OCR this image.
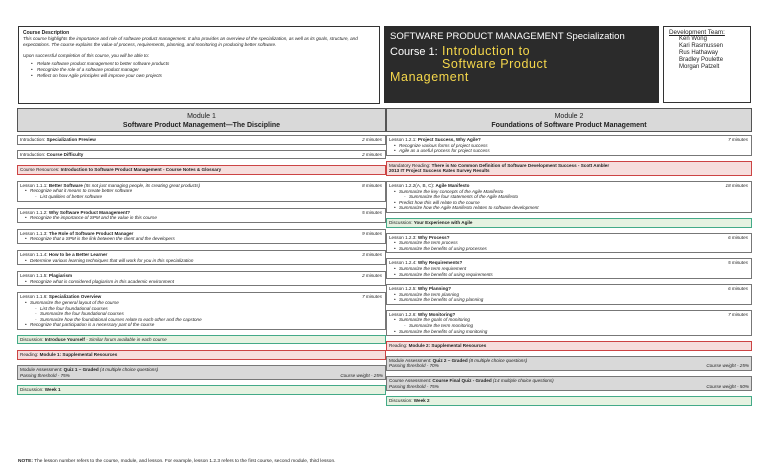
Course Description

This course highlights the importance and role of software product management. It also provides an overview of the specialization, as well as its goals, structure, and expectations. The course explains the value of process, requirements, planning, and monitoring in producing better software.

Upon successful completion of this course, you will be able to:

• Relate software product management to better software products
• Recognize the role of a software product manager
• Reflect on how Agile principles will improve your own projects
SOFTWARE PRODUCT MANAGEMENT Specialization
Course 1: Introduction to
Software Product
Management
Development Team:
Ken Wong
Kari Rasmussen
Rus Hathaway
Bradley Poulette
Morgan Patzelt
Module 1
Software Product Management—The Discipline
Introduction: Specialization Preview	2 minutes
Introduction: Course Difficulty	2 minutes
Course Resources: Introduction to Software Product Management - Course Notes & Glossary
Lesson 1.1.1: Better Software (Its not just managing people, its creating great products)	8 minutes
• Recognize what it means to create better software
- List qualities of better software
Lesson 1.1.2: Why Software Product Management?	5 minutes
• Recognize the importance of SPM and the value in this course
Lesson 1.1.3: The Role of Software Product Manager	9 minutes
• Recognize that a SPM is the link between the client and the developers
Lesson 1.1.4: How to be a Better Learner	3 minutes
• Determine various learning techniques that will work for you in this specialization
Lesson 1.1.5: Plagiarism	2 minutes
• Recognize what is considered plagiarism in this academic environment
Lesson 1.1.6: Specialization Overview	7 minutes
• Summarize the general layout of the course
- List the four foundational courses
- Summarize the four foundational courses
- Summarize how the foundational courses relate to each other and the capstone
• Recognize that participation is a necessary part of the course
Discussion: Introduce Yourself - Similar forum available in each course
Reading: Module 1: Supplemental Resources
Module Assessment: Quiz 1 – Graded (4 multiple choice questions)
Passing threshold - 75%	Course weight - 25%
Discussion: Week 1
Module 2
Foundations of Software Product Management
Lesson 1.2.1: Project Success, Why Agile?	7 minutes
• Recognize various forms of project success
• Agile as a useful process for project success
Mandatory Reading: There is No Common Definition of Software Development Success - Scott Ambler
2013 IT Project Success Rates Survey Results
Lesson 1.2.2(A, B, C): Agile Manifesto	18 minutes
• Summarize the key concepts of the Agile Manifesto
- Summarize the four statements of the Agile Manifesto
• Predict how this will relate to the course
• Summarize how the Agile Manifesto relates to software development
Discussion: Your Experience with Agile
Lesson 1.2.3: Why Process?	6 minutes
• Summarize the term process
• Summarize the benefits of using processes
Lesson 1.2.4: Why Requirements?	5 minutes
• Summarize the term requirement
• Summarize the benefits of using requirements
Lesson 1.2.5: Why Planning?	6 minutes
• Summarize the term planning
• Summarize the benefits of using planning
Lesson 1.2.6: Why Monitoring?	7 minutes
• Summarize the goals of monitoring
- Summarize the term monitoring
• Summarize the benefits of using monitoring
Reading: Module 2: Supplemental Resources
Module Assessment: Quiz 2 – Graded (8 multiple choice questions)
Passing threshold - 70%	Course weight - 25%
Course Assessment: Course Final Quiz - Graded (14 multiple choice questions)
Passing threshold - 75%	Course weight - 50%
Discussion: Week 2
NOTE: The lesson number refers to the course, module, and lesson. For example, lesson 1.2.3 refers to the first course, second module, third lesson.
